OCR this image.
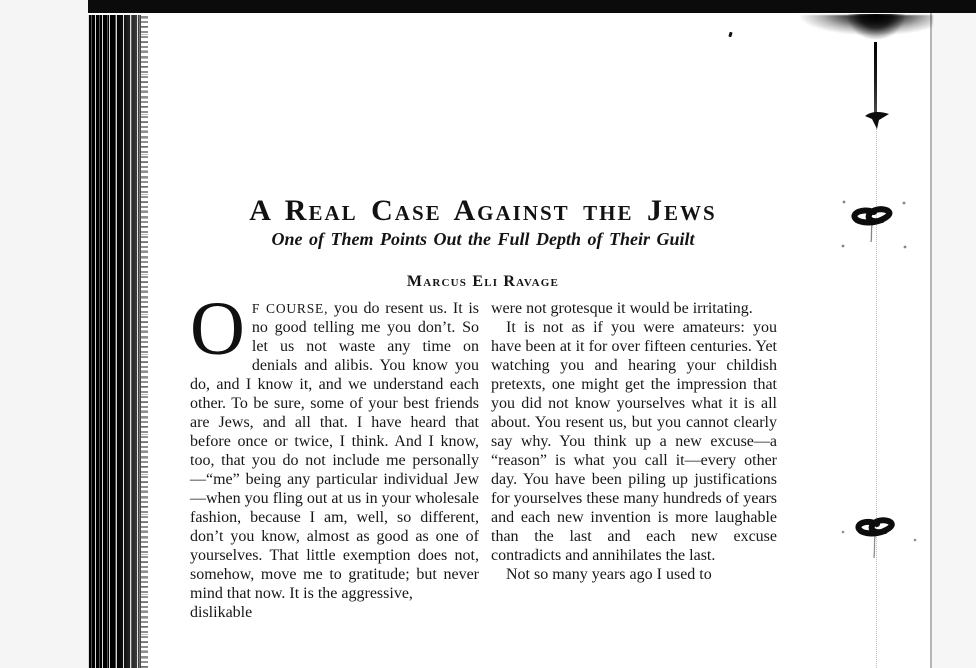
A Real Case Against the Jews
One of Them Points Out the Full Depth of Their Guilt
Marcus Eli Ravage

O F COURSE, you do resent us. It is no good telling me you don’t. So let us not waste any time on denials and alibis. You know you do, and I know it, and we understand each other. To be sure, some of your best friends are Jews, and all that. I have heard that before once or twice, I think. And I know, too, that you do not include me personally—“me” being any particular individual Jew—when you fling out at us in your wholesale fashion, because I am, well, so different, don’t you know, almost as good as one of yourselves. That little exemption does not, somehow, move me to gratitude; but never mind that now. It is the aggressive,

dislikable

were not grotesque it would be irritating.

It is not as if you were amateurs: you have been at it for over fifteen centuries. Yet watching you and hearing your childish pretexts, one might get the impression that you did not know yourselves what it is all about. You resent us, but you cannot clearly say why. You think up a new excuse—a “reason” is what you call it—every other day. You have been piling up justifications for yourselves these many hundreds of years and each new invention is more laughable than the last and each new excuse contradicts and annihilates the last.

Not so many years ago I used to
